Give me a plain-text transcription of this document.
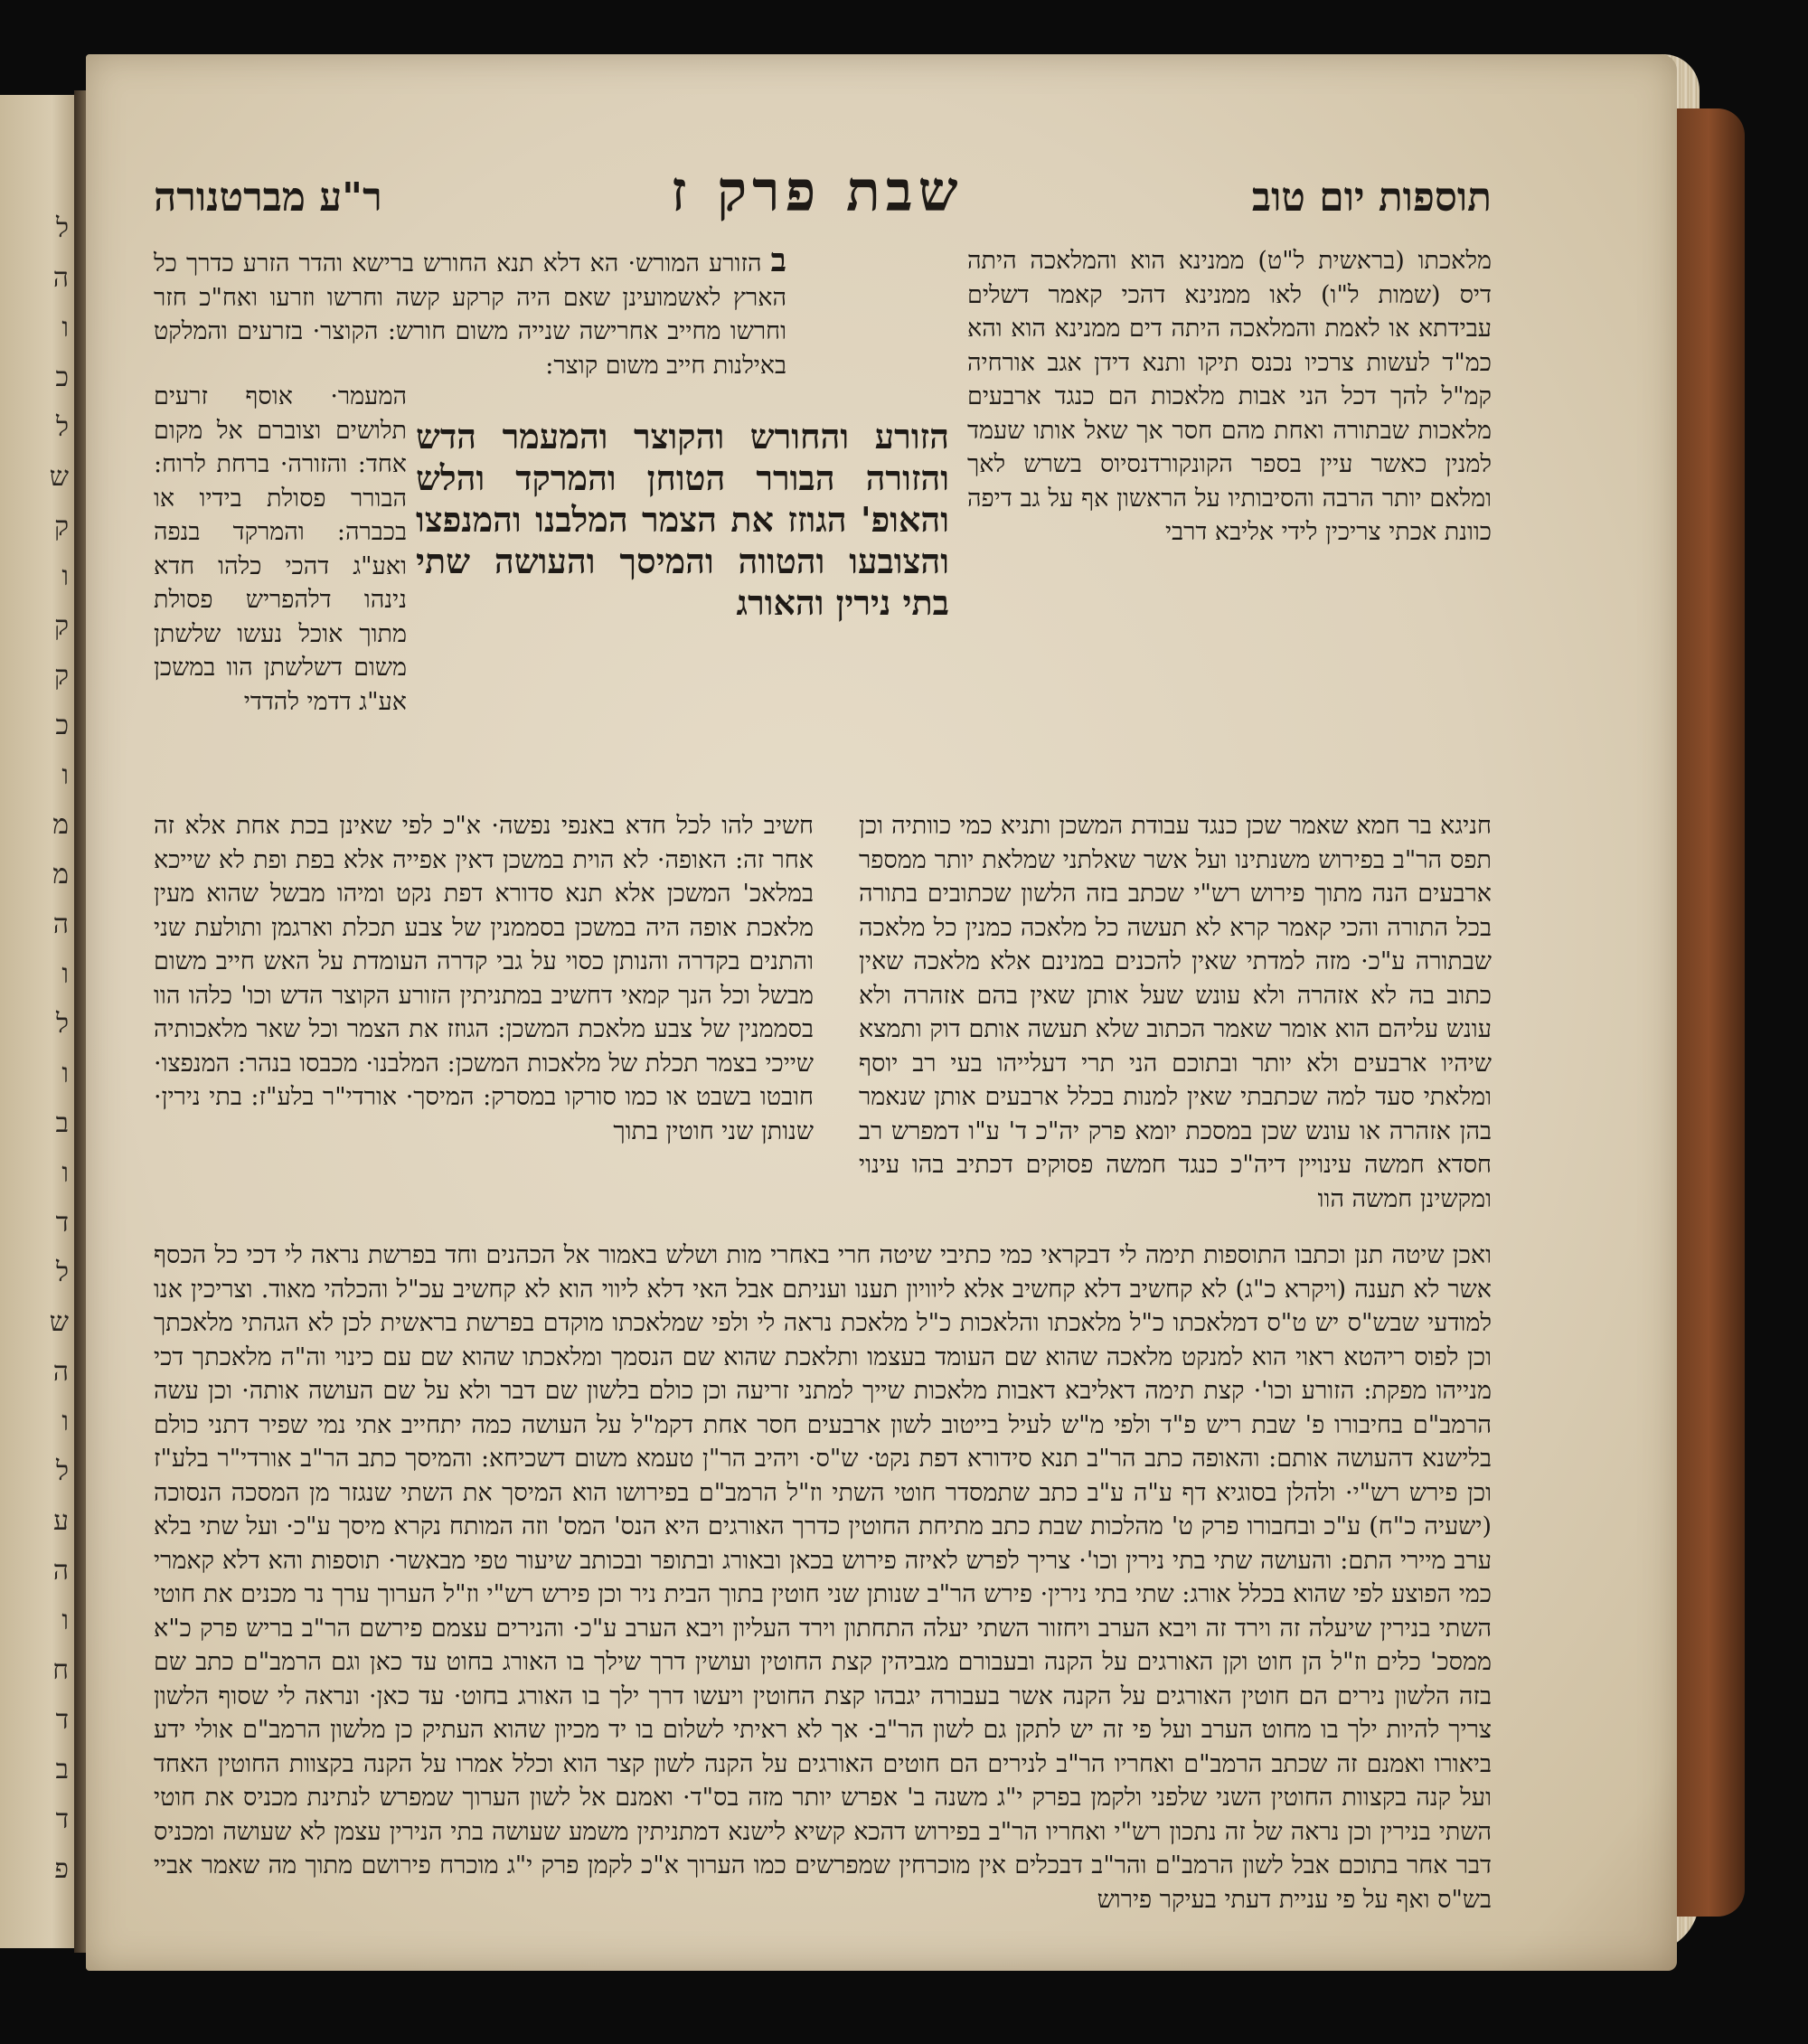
ל
ה
ו
כ
ל
ש
ק
ו
ק
ק
כ
ו
מ
מ
ה
ו
ל
ו
ב
ו
ד
ל
ש
ה
ו
ל
ע
ה
ו
ח
ד
ב
ד
פ
תוספות יום טוב
שבת פרק ז
ר"ע מברטנורה
מלאכתו (בראשית ל"ט) ממנינא הוא והמלאכה היתה דיס (שמות ל"ו) לאו ממנינא דהכי קאמר דשלים עבידתא או לאמת והמלאכה היתה דים ממנינא הוא והא כמ"ד לעשות צרכיו נכנס תיקו ותנא דידן אגב אורחיה קמ"ל להך דכל הני אבות מלאכות הם כנגד ארבעים מלאכות שבתורה ואחת מהם חסר אך שאל אותו שעמד למנין כאשר עיין בספר הקונקורדנסיוס בשרש לאך ומלאם יותר הרבה והסיבותיו על הראשון אף על גב דיפה כוונת אכתי צריכין לידי אליבא דרבי
ב הזורע המורש· הא דלא תנא החורש ברישא והדר הזרע כדרך כל הארץ לאשמועינן שאם היה קרקע קשה וחרשו וזרעו ואח"כ חזר וחרשו מחייב אחרישה שנייה משום חורש: הקוצר· בזרעים והמלקט באילנות חייב משום קוצר:
המעמר· אוסף זרעים תלושים וצוברם אל מקום אחד: והזורה· ברחת לרוח: הבורר פסולת בידיו או בכברה: והמרקד בנפה ואע"ג דהכי כלהו חדא נינהו דלהפריש פסולת מתוך אוכל נעשו שלשתן משום דשלשתן הוו במשכן אע"ג דדמי להדדי
הזורע והחורש והקוצר והמעמר הדש והזורה הבורר הטוחן והמרקד והלש והאופ' הגוזז את הצמר המלבנו והמנפצו והצובעו והטווה והמיסך והעושה שתי בתי נירין והאורג
חניגא בר חמא שאמר שכן כנגד עבודת המשכן ותניא כמי כוותיה וכן תפס הר"ב בפירוש משנתינו ועל אשר שאלתני שמלאת יותר ממספר ארבעים הנה מתוך פירוש רש"י שכתב בזה הלשון שכתובים בתורה בכל התורה והכי קאמר קרא לא תעשה כל מלאכה כמנין כל מלאכה שבתורה ע"כ· מזה למדתי שאין להכנים במנינם אלא מלאכה שאין כתוב בה לא אזהרה ולא עונש שעל אותן שאין בהם אזהרה ולא עונש עליהם הוא אומר שאמר הכתוב שלא תעשה אותם דוק ותמצא שיהיו ארבעים ולא יותר ובתוכם הני תרי דעלייהו בעי רב יוסף ומלאתי סעד למה שכתבתי שאין למנות בכלל ארבעים אותן שנאמר בהן אזהרה או עונש שכן במסכת יומא פרק יה"כ ד' ע"ו דמפרש רב חסדא חמשה עינויין דיה"כ כנגד חמשה פסוקים דכתיב בהו עינוי ומקשינן חמשה הוו
חשיב להו לכל חדא באנפי נפשה· א"כ לפי שאינן בכת אחת אלא זה אחר זה: האופה· לא הוית במשכן דאין אפייה אלא בפת ופת לא שייכא במלאכ' המשכן אלא תנא סדורא דפת נקט ומיהו מבשל שהוא מעין מלאכת אופה היה במשכן בסממנין של צבע תכלת וארגמן ותולעת שני והתנים בקדרה והנותן כסוי על גבי קדרה העומדת על האש חייב משום מבשל וכל הנך קמאי דחשיב במתניתין הזורע הקוצר הדש וכו' כלהו הוו בסממנין של צבע מלאכת המשכן: הגוזז את הצמר וכל שאר מלאכותיה שייכי בצמר תכלת של מלאכות המשכן: המלבנו· מכבסו בנהר: המנפצו· חובטו בשבט או כמו סורקו במסרק: המיסך· אורדי"ר בלע"ז: בתי נירין· שנותן שני חוטין בתוך
ואכן שיטה תנן וכתבו התוספות תימה לי דבקראי כמי כתיבי שיטה חרי באחרי מות ושלש באמור אל הכהנים וחד בפרשת נראה לי דכי כל הכסף אשר לא תענה (ויקרא כ"ג) לא קחשיב דלא קחשיב אלא ליוויון תענו ועניתם אבל האי דלא ליווי הוא לא קחשיב עכ"ל והכלהי מאוד. וצריכין אנו למודעי שבש"ס יש ט"ס דמלאכתו כ"ל מלאכתו והלאכות כ"ל מלאכת נראה לי ולפי שמלאכתו מוקדם בפרשת בראשית לכן לא הגהתי מלאכתך וכן לפוס ריהטא ראוי הוא למנקט מלאכה שהוא שם העומד בעצמו ותלאכת שהוא שם הנסמך ומלאכתו שהוא שם עם כינוי וה"ה מלאכתך דכי מנייהו מפקת: הזורע וכו'· קצת תימה דאליבא דאבות מלאכות שייך למתני זריעה וכן כולם בלשון שם דבר ולא על שם העושה אותה· וכן עשה הרמב"ם בחיבורו פ' שבת ריש פ"ד ולפי מ"ש לעיל בייטוב לשון ארבעים חסר אחת דקמ"ל על העושה כמה יתחייב אתי נמי שפיר דתני כולם בלישנא דהעושה אותם: והאופה כתב הר"ב תנא סידורא דפת נקט· ש"ס· ויהיב הר"ן טעמא משום דשכיחא: והמיסך כתב הר"ב אורדי"ר בלע"ז וכן פירש רש"י· ולהלן בסוגיא דף ע"ה ע"ב כתב שתמסדר חוטי השתי וז"ל הרמב"ם בפירושו הוא המיסך את השתי שנגזר מן המסכה הנסוכה (ישעיה כ"ח) ע"כ ובחבורו פרק ט' מהלכות שבת כתב מתיחת החוטין כדרך האורגים היא הנס' המס' וזה המותח נקרא מיסך ע"כ· ועל שתי בלא ערב מיירי התם: והעושה שתי בתי נירין וכו'· צריך לפרש לאיזה פירוש בכאן ובאורג ובתופר ובכותב שיעור טפי מבאשר· תוספות והא דלא קאמרי כמי הפוצע לפי שהוא בכלל אורג: שתי בתי נירין· פירש הר"ב שנותן שני חוטין בתוך הבית ניר וכן פירש רש"י וז"ל הערוך ערך נר מכנים את חוטי השתי בנירין שיעלה זה וירד זה ויבא הערב ויחזור השתי יעלה התחתון וירד העליון ויבא הערב ע"כ· והנירים עצמם פירשם הר"ב בריש פרק כ"א ממסכ' כלים וז"ל הן חוט וקן האורגים על הקנה ובעבורם מגביהין קצת החוטין ועושין דרך שילך בו האורג בחוט עד כאן וגם הרמב"ם כתב שם בזה הלשון נירים הם חוטין האורגים על הקנה אשר בעבורה יגבהו קצת החוטין ויעשו דרך ילך בו האורג בחוט· עד כאן· ונראה לי שסוף הלשון צריך להיות ילך בו מחוט הערב ועל פי זה יש לתקן גם לשון הר"ב· אך לא ראיתי לשלום בו יד מכיון שהוא העתיק כן מלשון הרמב"ם אולי ידע ביאורו ואמנם זה שכתב הרמב"ם ואחריו הר"ב לנירים הם חוטים האורגים על הקנה לשון קצר הוא וכלל אמרו על הקנה בקצוות החוטין האחד ועל קנה בקצוות החוטין השני שלפני ולקמן בפרק י"ג משנה ב' אפרש יותר מזה בס"ד· ואמנם אל לשון הערוך שמפרש לנתינת מכניס את חוטי השתי בנירין וכן נראה של זה נתכון רש"י ואחריו הר"ב בפירוש דהכא קשיא לישנא דמתניתין משמע שעושה בתי הנירין עצמן לא שעושה ומכניס דבר אחר בתוכם אבל לשון הרמב"ם והר"ב דבכלים אין מוכרחין שמפרשים כמו הערוך א"כ לקמן פרק י"ג מוכרח פירושם מתוך מה שאמר אביי בש"ס ואף על פי עניית דעתי בעיקר פירוש
